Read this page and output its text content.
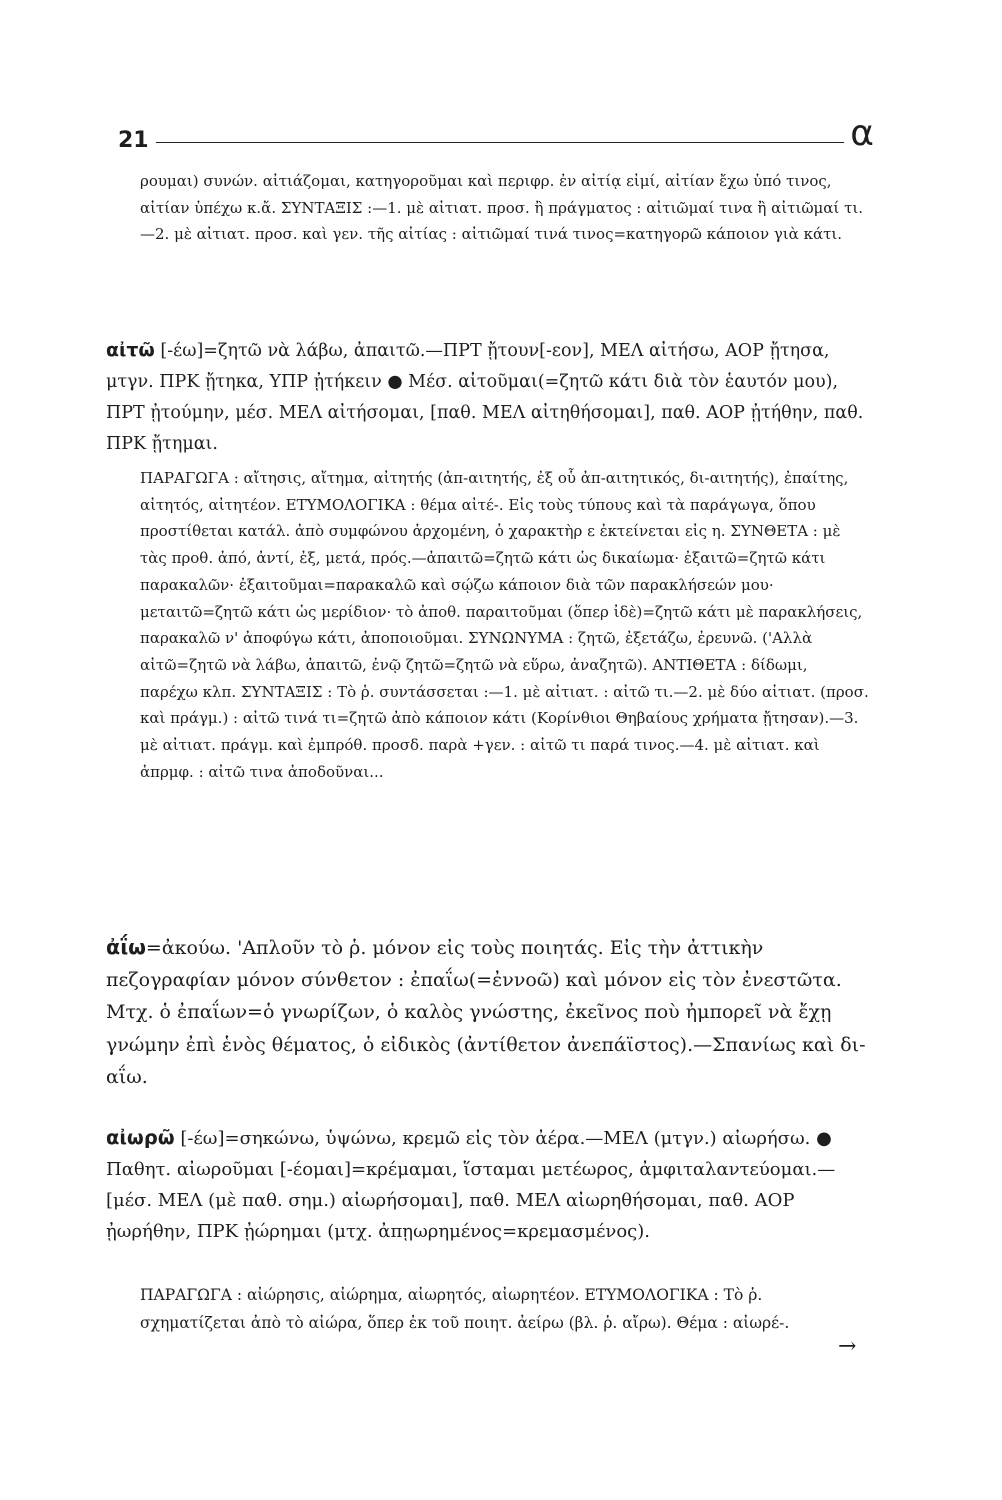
21	α

ρουμαι) συνών. αἰτιάζομαι, κατηγοροῦμαι καὶ περιφρ. ἐν αἰτίᾳ εἰμί, αἰτίαν ἔχω ὑπό τινος, αἰτίαν ὑπέχω κ.ἄ. ΣΥΝΤΑΞΙΣ :—1. μὲ αἰτιατ. προσ. ἢ πράγματος : αἰτιῶμαί τινα ἢ αἰτιῶμαί τι.—2. μὲ αἰτιατ. προσ. καὶ γεν. τῆς αἰτίας : αἰτιῶμαί τινά τινος=κατηγορῶ κάποιον γιὰ κάτι.

αἰτῶ [-έω]=ζητῶ νὰ λάβω, ἀπαιτῶ.—ΠΡΤ ᾔτουν[-εον], ΜΕΛ αἰτήσω, ΑΟΡ ᾔτησα, μτγν. ΠΡΚ ᾔτηκα, ΥΠΡ ᾐτήκειν ● Μέσ. αἰτοῦμαι(=ζητῶ κάτι διὰ τὸν ἑαυτόν μου), ΠΡΤ ᾐτούμην, μέσ. ΜΕΛ αἰτήσομαι, [παθ. ΜΕΛ αἰτηθήσομαι], παθ. ΑΟΡ ᾐτήθην, παθ. ΠΡΚ ᾔτημαι.

ΠΑΡΑΓΩΓΑ : αἴτησις, αἴτημα, αἰτητής (ἀπ-αιτητής, ἐξ οὗ ἀπ-αιτητικός, δι-αιτητής), ἐπαίτης, αἰτητός, αἰτητέον. ΕΤΥΜΟΛΟΓΙΚΑ : θέμα αἰτέ-. Εἰς τοὺς τύπους καὶ τὰ παράγωγα, ὅπου προστίθεται κατάλ. ἀπὸ συμφώνου ἀρχομένη, ὁ χαρακτὴρ ε ἐκτείνεται εἰς η. ΣΥΝΘΕΤΑ : μὲ τὰς προθ. ἀπό, ἀντί, ἐξ, μετά, πρός.—ἀπαιτῶ=ζητῶ κάτι ὡς δικαίωμα· ἐξαιτῶ=ζητῶ κάτι παρακαλῶν· ἐξαιτοῦμαι=παρακαλῶ καὶ σῴζω κάποιον διὰ τῶν παρακλήσεών μου· μεταιτῶ=ζητῶ κάτι ὡς μερίδιον· τὸ ἀποθ. παραιτοῦμαι (ὅπερ ἰδὲ)=ζητῶ κάτι μὲ παρακλήσεις, παρακαλῶ ν' ἀποφύγω κάτι, ἀποποιοῦμαι. ΣΥΝΩΝΥΜΑ : ζητῶ, ἐξετάζω, ἐρευνῶ. ('Αλλὰ αἰτῶ=ζητῶ νὰ λάβω, ἀπαιτῶ, ἐνῷ ζητῶ=ζητῶ νὰ εὕρω, ἀναζητῶ). ΑΝΤΙΘΕΤΑ : δίδωμι, παρέχω κλπ. ΣΥΝΤΑΞΙΣ : Τὸ ῥ. συντάσσεται :—1. μὲ αἰτιατ. : αἰτῶ τι.—2. μὲ δύο αἰτιατ. (προσ. καὶ πράγμ.) : αἰτῶ τινά τι=ζητῶ ἀπὸ κάποιον κάτι (Κορίνθιοι Θηβαίους χρήματα ᾔτησαν).—3. μὲ αἰτιατ. πράγμ. καὶ ἐμπρόθ. προσδ. παρὰ +γεν. : αἰτῶ τι παρά τινος.—4. μὲ αἰτιατ. καὶ ἀπρμφ. : αἰτῶ τινα ἀποδοῦναι...

ἀΐω=ἀκούω. 'Απλοῦν τὸ ῥ. μόνον εἰς τοὺς ποιητάς. Εἰς τὴν ἀττικὴν πεζογραφίαν μόνον σύνθετον : ἐπαΐω(=ἐννοῶ) καὶ μόνον εἰς τὸν ἐνεστῶτα. Μτχ. ὁ ἐπαΐων=ὁ γνωρίζων, ὁ καλὸς γνώστης, ἐκεῖνος ποὺ ἠμπορεῖ νὰ ἔχῃ γνώμην ἐπὶ ἑνὸς θέματος, ὁ εἰδικὸς (ἀντίθετον ἀνεπάϊστος).—Σπανίως καὶ δι-αΐω.

αἰωρῶ [-έω]=σηκώνω, ὑψώνω, κρεμῶ εἰς τὸν ἀέρα.—ΜΕΛ (μτγν.) αἰωρήσω. ● Παθητ. αἰωροῦμαι [-έομαι]=κρέμαμαι, ἵσταμαι μετέωρος, ἀμφιταλαντεύομαι.—[μέσ. ΜΕΛ (μὲ παθ. σημ.) αἰωρήσομαι], παθ. ΜΕΛ αἰωρηθήσομαι, παθ. ΑΟΡ ᾐωρήθην, ΠΡΚ ᾐώρημαι (μτχ. ἀπῃωρημένος=κρεμασμένος).

ΠΑΡΑΓΩΓΑ : αἰώρησις, αἰώρημα, αἰωρητός, αἰωρητέον. ΕΤΥΜΟΛΟΓΙΚΑ : Τὸ ῥ. σχηματίζεται ἀπὸ τὸ αἰώρα, ὅπερ ἐκ τοῦ ποιητ. ἀείρω (βλ. ῥ. αἴρω). Θέμα : αἰωρέ-.

→
